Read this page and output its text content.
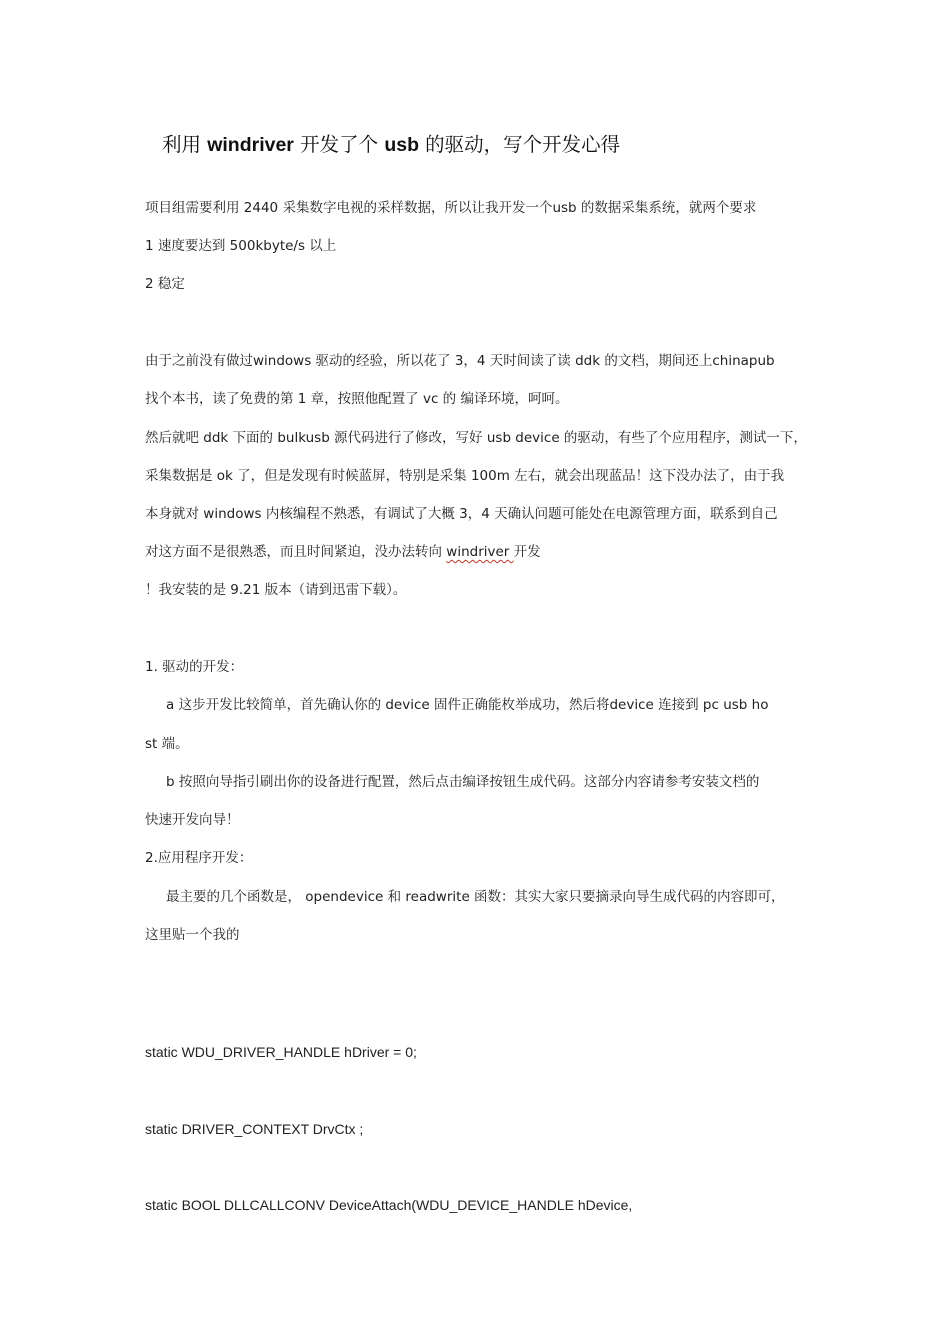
利用 windriver 开发了个 usb 的驱动，写个开发心得
项目组需要利用 2440 采集数字电视的采样数据，所以让我开发一个usb 的数据采集系统，就两个要求
1 速度要达到 500kbyte/s 以上
2 稳定
由于之前没有做过windows 驱动的经验，所以花了 3，4 天时间读了读 ddk 的文档，期间还上chinapub
找个本书，读了免费的第 1 章，按照他配置了 vc 的 编译环境，呵呵。
然后就吧 ddk 下面的 bulkusb 源代码进行了修改，写好 usb device 的驱动，有些了个应用程序，测试一下，
采集数据是 ok 了，但是发现有时候蓝屏，特别是采集 100m 左右，就会出现蓝品！这下没办法了，由于我
本身就对 windows 内核编程不熟悉，有调试了大概 3，4 天确认问题可能处在电源管理方面，联系到自己
对这方面不是很熟悉，而且时间紧迫，没办法转向 windriver 开发
！我安装的是 9.21 版本（请到迅雷下载）。
1. 驱动的开发：
a 这步开发比较简单，首先确认你的 device 固件正确能枚举成功，然后将device 连接到 pc usb ho
st 端。
b 按照向导指引刷出你的设备进行配置，然后点击编译按钮生成代码。这部分内容请参考安装文档的
快速开发向导！
2.应用程序开发：
最主要的几个函数是， opendevice 和 readwrite 函数：其实大家只要摘录向导生成代码的内容即可，
这里贴一个我的
static WDU_DRIVER_HANDLE hDriver = 0;
static DRIVER_CONTEXT DrvCtx ;
static BOOL DLLCALLCONV DeviceAttach(WDU_DEVICE_HANDLE hDevice,
